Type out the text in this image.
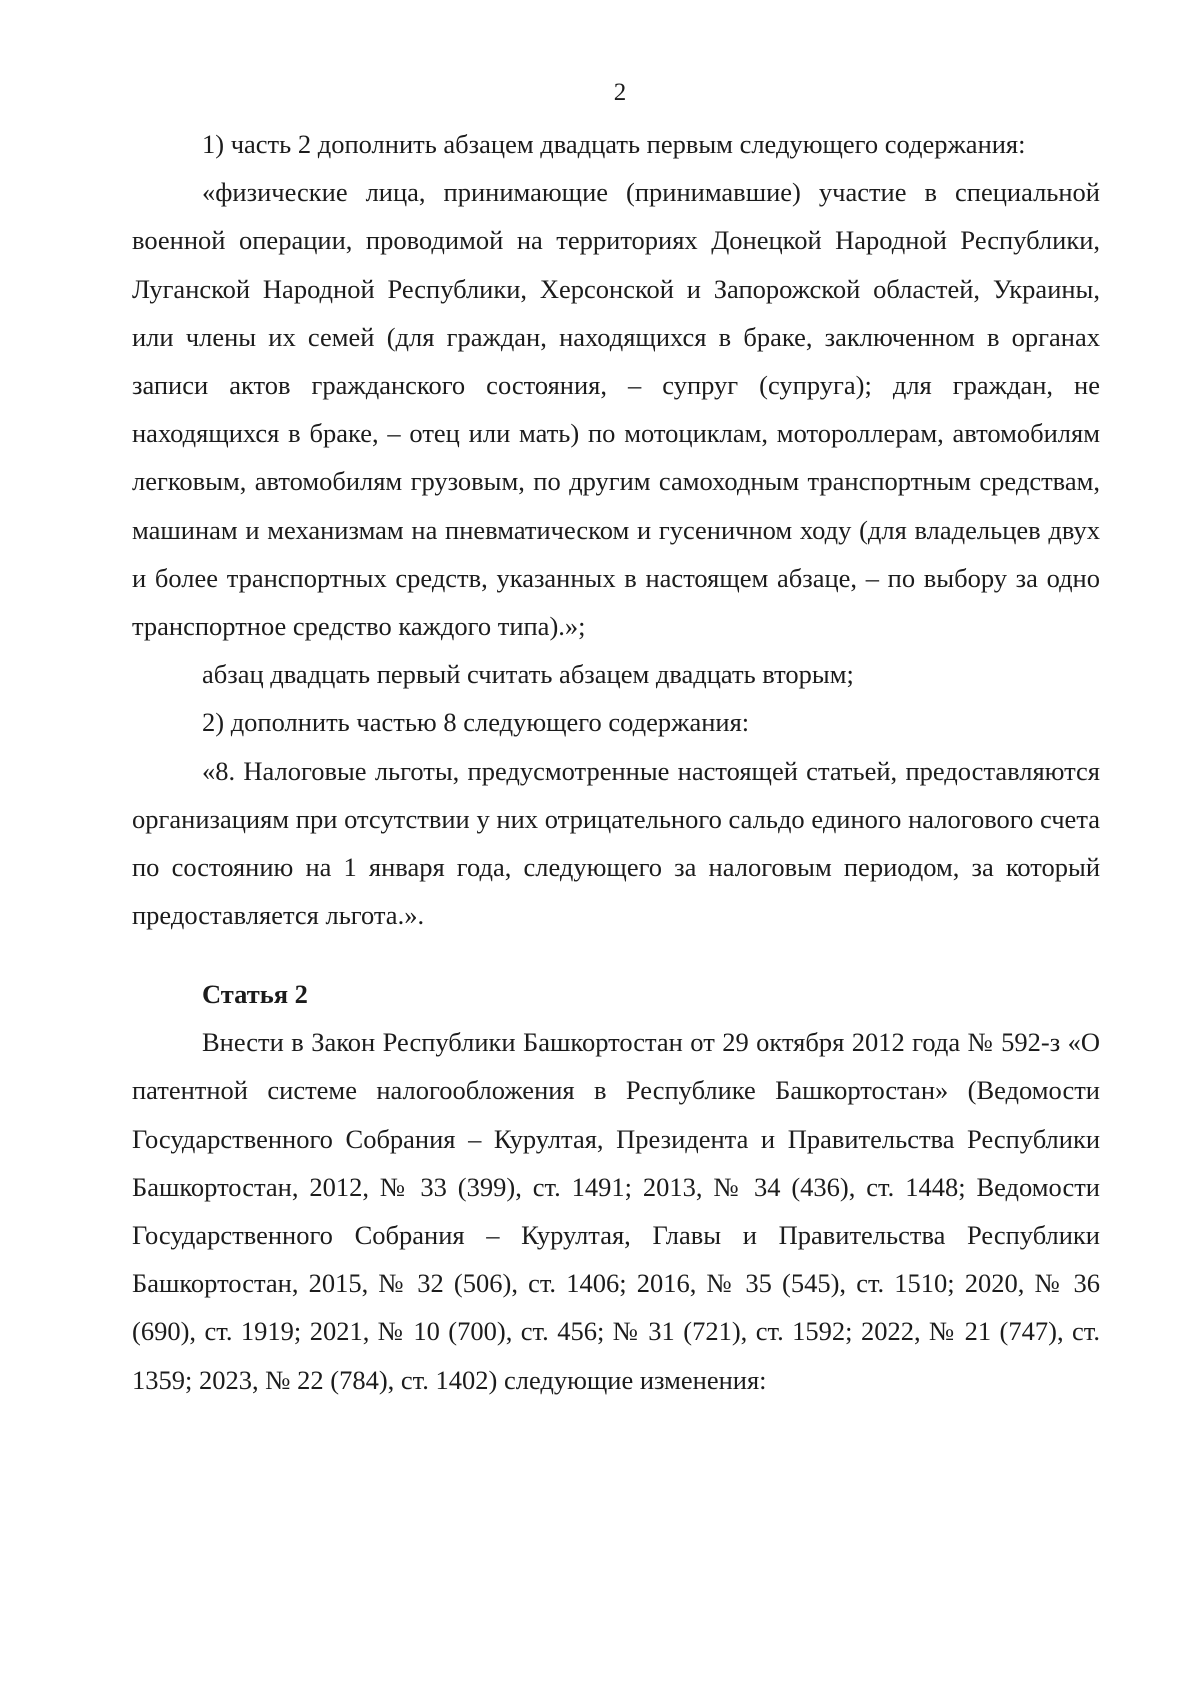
2

1) часть 2 дополнить абзацем двадцать первым следующего содержания:

«физические лица, принимающие (принимавшие) участие в специальной военной операции, проводимой на территориях Донецкой Народной Республики, Луганской Народной Республики, Херсонской и Запорожской областей, Украины, или члены их семей (для граждан, находящихся в браке, заключенном в органах записи актов гражданского состояния, – супруг (супруга); для граждан, не находящихся в браке, – отец или мать) по мотоциклам, мотороллерам, автомобилям легковым, автомобилям грузовым, по другим самоходным транспортным средствам, машинам и механизмам на пневматическом и гусеничном ходу (для владельцев двух и более транспортных средств, указанных в настоящем абзаце, – по выбору за одно транспортное средство каждого типа).»;

абзац двадцать первый считать абзацем двадцать вторым;

2) дополнить частью 8 следующего содержания:

«8. Налоговые льготы, предусмотренные настоящей статьей, предоставляются организациям при отсутствии у них отрицательного сальдо единого налогового счета по состоянию на 1 января года, следующего за налоговым периодом, за который предоставляется льгота.».

Статья 2

Внести в Закон Республики Башкортостан от 29 октября 2012 года № 592-з «О патентной системе налогообложения в Республике Башкортостан» (Ведомости Государственного Собрания – Курултая, Президента и Правительства Республики Башкортостан, 2012, № 33 (399), ст. 1491; 2013, № 34 (436), ст. 1448; Ведомости Государственного Собрания – Курултая, Главы и Правительства Республики Башкортостан, 2015, № 32 (506), ст. 1406; 2016, № 35 (545), ст. 1510; 2020, № 36 (690), ст. 1919; 2021, № 10 (700), ст. 456; № 31 (721), ст. 1592; 2022, № 21 (747), ст. 1359; 2023, № 22 (784), ст. 1402) следующие изменения:
